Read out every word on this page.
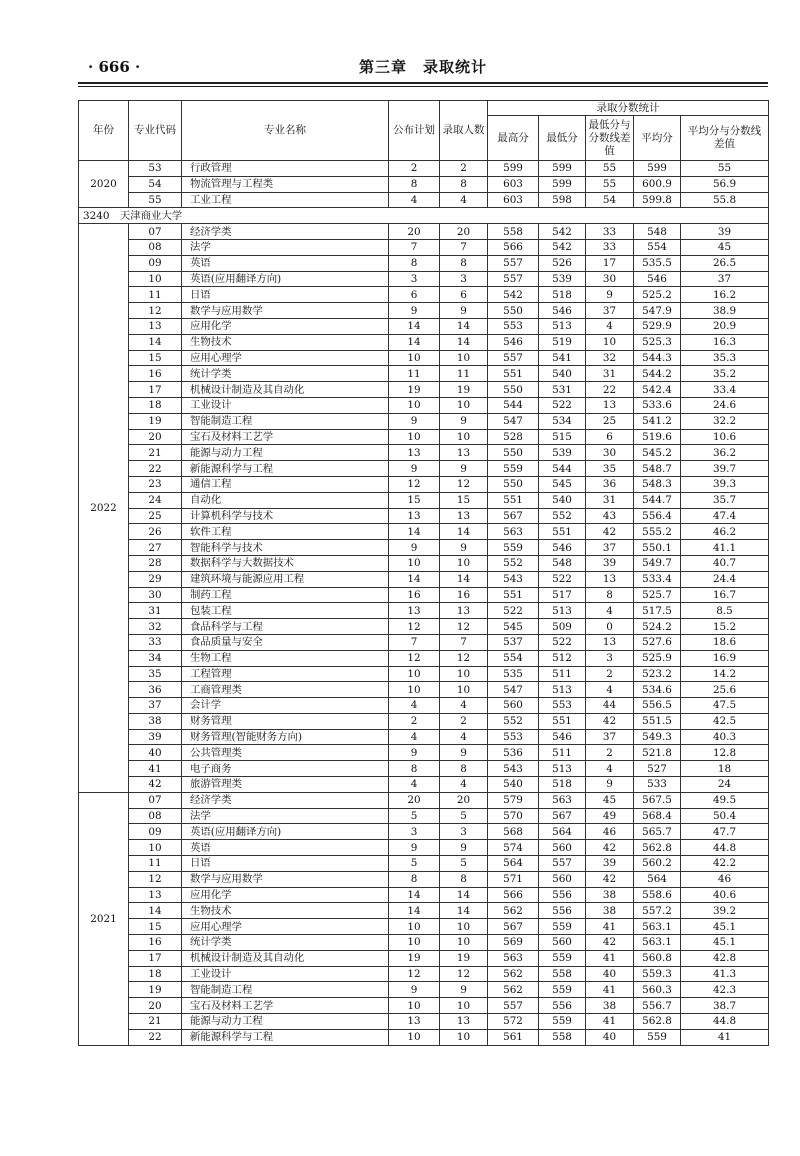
· 666 ·	第三章　录取统计
年份	专业代码	专业名称	公布计划	录取人数	录取分数统计				
					最高分	最低分	最低分与分数线差值	平均分	平均分与分数线差值
2020	53	行政管理	2	2	599	599	55	599	55
	54	物流管理与工程类	8	8	603	599	55	600.9	56.9
	55	工业工程	4	4	603	598	54	599.8	55.8
3240　天津商业大学									
2022	07	经济学类	20	20	558	542	33	548	39
	08	法学	7	7	566	542	33	554	45
	09	英语	8	8	557	526	17	535.5	26.5
	10	英语(应用翻译方向)	3	3	557	539	30	546	37
	11	日语	6	6	542	518	9	525.2	16.2
	12	数学与应用数学	9	9	550	546	37	547.9	38.9
	13	应用化学	14	14	553	513	4	529.9	20.9
	14	生物技术	14	14	546	519	10	525.3	16.3
	15	应用心理学	10	10	557	541	32	544.3	35.3
	16	统计学类	11	11	551	540	31	544.2	35.2
	17	机械设计制造及其自动化	19	19	550	531	22	542.4	33.4
	18	工业设计	10	10	544	522	13	533.6	24.6
	19	智能制造工程	9	9	547	534	25	541.2	32.2
	20	宝石及材料工艺学	10	10	528	515	6	519.6	10.6
	21	能源与动力工程	13	13	550	539	30	545.2	36.2
	22	新能源科学与工程	9	9	559	544	35	548.7	39.7
	23	通信工程	12	12	550	545	36	548.3	39.3
	24	自动化	15	15	551	540	31	544.7	35.7
	25	计算机科学与技术	13	13	567	552	43	556.4	47.4
	26	软件工程	14	14	563	551	42	555.2	46.2
	27	智能科学与技术	9	9	559	546	37	550.1	41.1
	28	数据科学与大数据技术	10	10	552	548	39	549.7	40.7
	29	建筑环境与能源应用工程	14	14	543	522	13	533.4	24.4
	30	制药工程	16	16	551	517	8	525.7	16.7
	31	包装工程	13	13	522	513	4	517.5	8.5
	32	食品科学与工程	12	12	545	509	0	524.2	15.2
	33	食品质量与安全	7	7	537	522	13	527.6	18.6
	34	生物工程	12	12	554	512	3	525.9	16.9
	35	工程管理	10	10	535	511	2	523.2	14.2
	36	工商管理类	10	10	547	513	4	534.6	25.6
	37	会计学	4	4	560	553	44	556.5	47.5
	38	财务管理	2	2	552	551	42	551.5	42.5
	39	财务管理(智能财务方向)	4	4	553	546	37	549.3	40.3
	40	公共管理类	9	9	536	511	2	521.8	12.8
	41	电子商务	8	8	543	513	4	527	18
	42	旅游管理类	4	4	540	518	9	533	24
2021	07	经济学类	20	20	579	563	45	567.5	49.5
	08	法学	5	5	570	567	49	568.4	50.4
	09	英语(应用翻译方向)	3	3	568	564	46	565.7	47.7
	10	英语	9	9	574	560	42	562.8	44.8
	11	日语	5	5	564	557	39	560.2	42.2
	12	数学与应用数学	8	8	571	560	42	564	46
	13	应用化学	14	14	566	556	38	558.6	40.6
	14	生物技术	14	14	562	556	38	557.2	39.2
	15	应用心理学	10	10	567	559	41	563.1	45.1
	16	统计学类	10	10	569	560	42	563.1	45.1
	17	机械设计制造及其自动化	19	19	563	559	41	560.8	42.8
	18	工业设计	12	12	562	558	40	559.3	41.3
	19	智能制造工程	9	9	562	559	41	560.3	42.3
	20	宝石及材料工艺学	10	10	557	556	38	556.7	38.7
	21	能源与动力工程	13	13	572	559	41	562.8	44.8
	22	新能源科学与工程	10	10	561	558	40	559	41
